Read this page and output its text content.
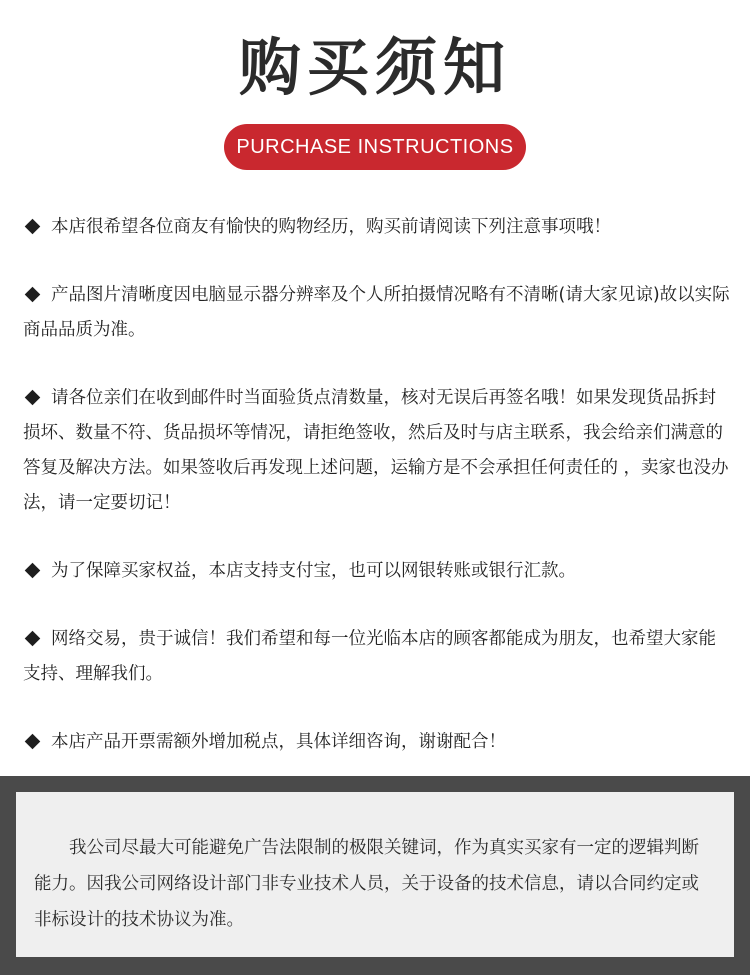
购买须知
PURCHASE INSTRUCTIONS
本店很希望各位商友有愉快的购物经历，购买前请阅读下列注意事项哦！
产品图片清晰度因电脑显示器分辨率及个人所拍摄情况略有不清晰(请大家见谅)故以实际商品品质为准。
请各位亲们在收到邮件时当面验货点清数量，核对无误后再签名哦！如果发现货品拆封损坏、数量不符、货品损坏等情况，请拒绝签收，然后及时与店主联系，我会给亲们满意的答复及解决方法。如果签收后再发现上述问题，运输方是不会承担任何责任的 ，卖家也没办法，请一定要切记！
为了保障买家权益，本店支持支付宝，也可以网银转账或银行汇款。
网络交易，贵于诚信！我们希望和每一位光临本店的顾客都能成为朋友，也希望大家能支持、理解我们。
本店产品开票需额外增加税点，具体详细咨询，谢谢配合！

我公司尽最大可能避免广告法限制的极限关键词，作为真实买家有一定的逻辑判断能力。因我公司网络设计部门非专业技术人员，关于设备的技术信息，请以合同约定或非标设计的技术协议为准。
